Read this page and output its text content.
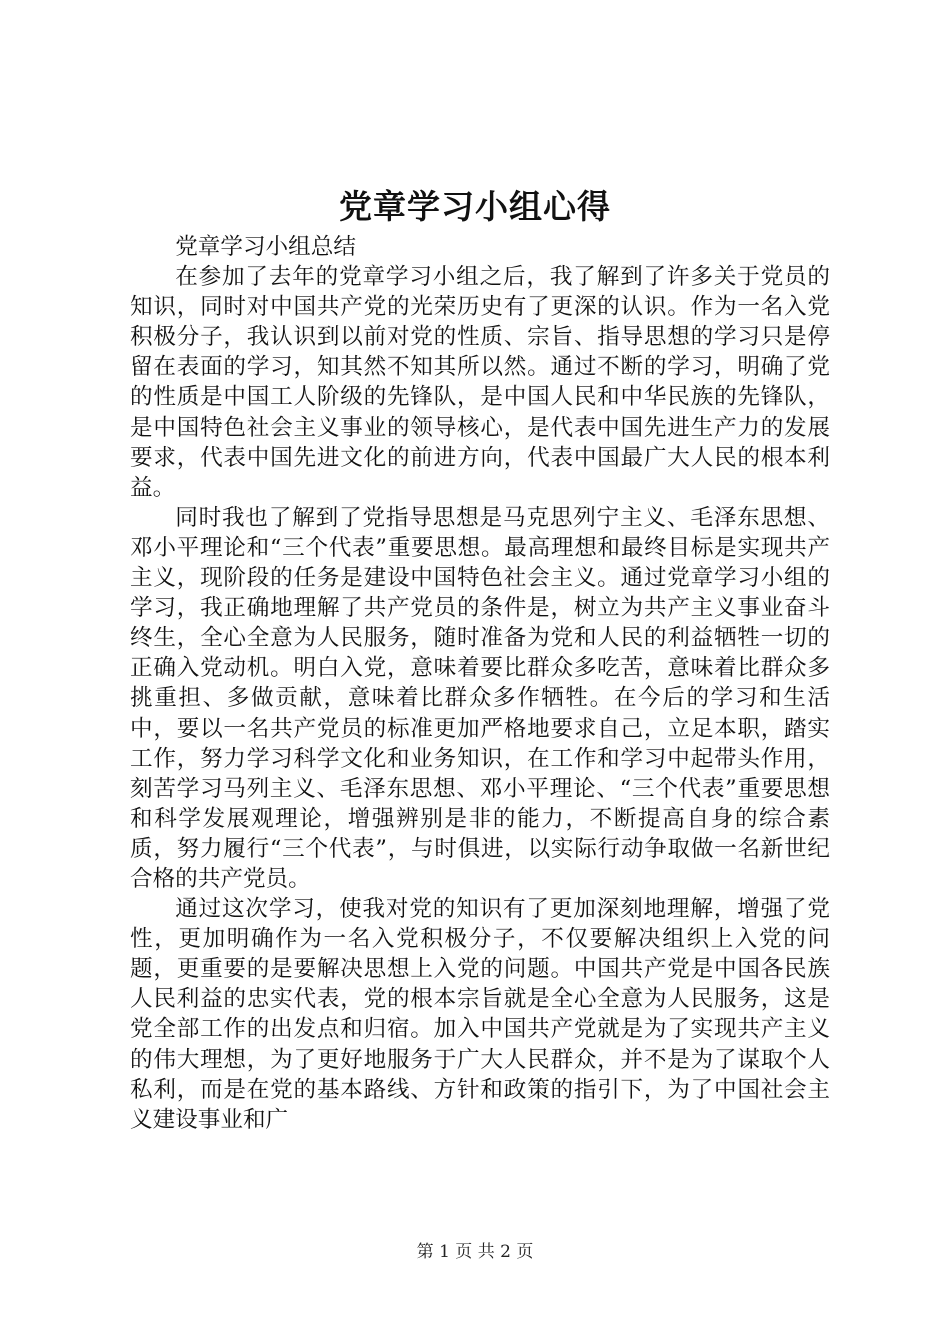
党章学习小组心得

党章学习小组总结

在参加了去年的党章学习小组之后，我了解到了许多关于党员的知识，同时对中国共产党的光荣历史有了更深的认识。作为一名入党积极分子，我认识到以前对党的性质、宗旨、指导思想的学习只是停留在表面的学习，知其然不知其所以然。通过不断的学习，明确了党的性质是中国工人阶级的先锋队，是中国人民和中华民族的先锋队，是中国特色社会主义事业的领导核心，是代表中国先进生产力的发展要求，代表中国先进文化的前进方向，代表中国最广大人民的根本利益。

同时我也了解到了党指导思想是马克思列宁主义、毛泽东思想、邓小平理论和“三个代表”重要思想。最高理想和最终目标是实现共产主义，现阶段的任务是建设中国特色社会主义。通过党章学习小组的学习，我正确地理解了共产党员的条件是，树立为共产主义事业奋斗终生，全心全意为人民服务，随时准备为党和人民的利益牺牲一切的正确入党动机。明白入党，意味着要比群众多吃苦，意味着比群众多挑重担、多做贡献，意味着比群众多作牺牲。在今后的学习和生活中，要以一名共产党员的标准更加严格地要求自己，立足本职，踏实工作，努力学习科学文化和业务知识，在工作和学习中起带头作用，刻苦学习马列主义、毛泽东思想、邓小平理论、“三个代表”重要思想和科学发展观理论，增强辨别是非的能力，不断提高自身的综合素质，努力履行“三个代表”，与时俱进，以实际行动争取做一名新世纪合格的共产党员。

通过这次学习，使我对党的知识有了更加深刻地理解，增强了党性，更加明确作为一名入党积极分子，不仅要解决组织上入党的问题，更重要的是要解决思想上入党的问题。中国共产党是中国各民族人民利益的忠实代表，党的根本宗旨就是全心全意为人民服务，这是党全部工作的出发点和归宿。加入中国共产党就是为了实现共产主义的伟大理想，为了更好地服务于广大人民群众，并不是为了谋取个人私利，而是在党的基本路线、方针和政策的指引下，为了中国社会主义建设事业和广

第 1 页 共 2 页
